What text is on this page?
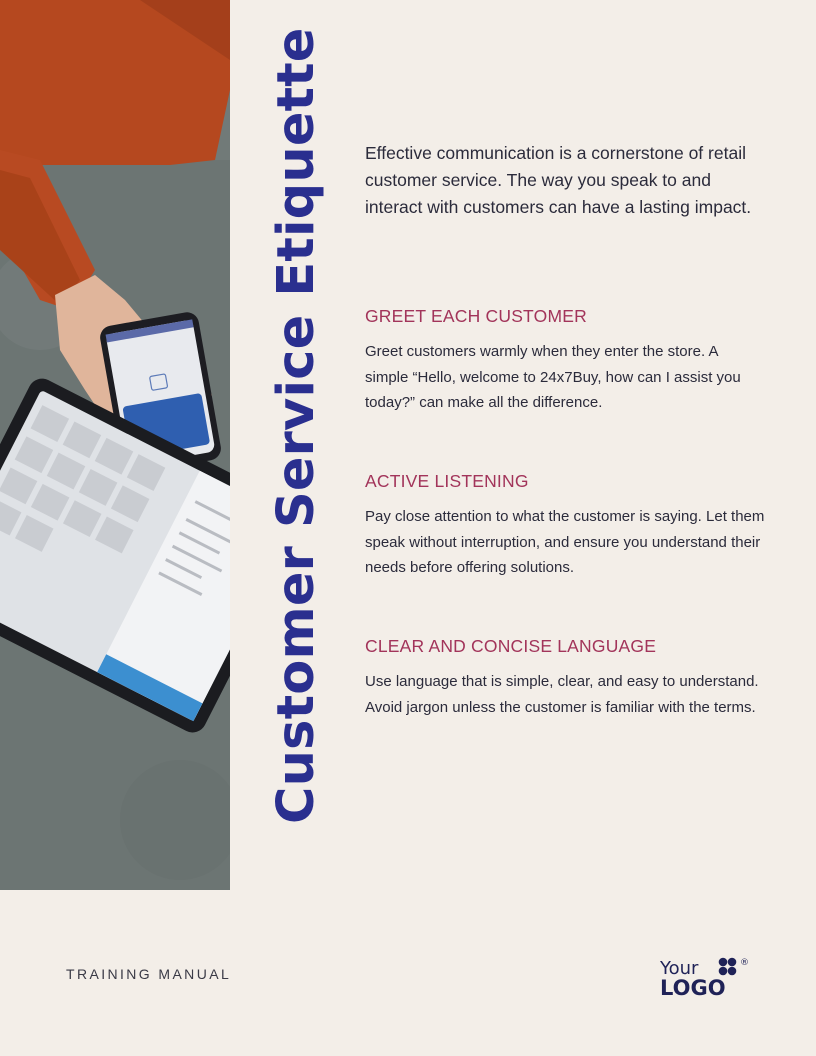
Customer Service Etiquette Effective communication is a cornerstone of retail customer service. The way you speak to and interact with customers can have a lasting impact.

GREET EACH CUSTOMER

Greet customers warmly when they enter the store. A simple “Hello, welcome to 24x7Buy, how can I assist you today?” can make all the difference.

ACTIVE LISTENING

Pay close attention to what the customer is saying. Let them speak without interruption, and ensure you understand their needs before offering solutions.

CLEAR AND CONCISE LANGUAGE

Use language that is simple, clear, and easy to understand. Avoid jargon unless the customer is familiar with the terms.

TRAINING MANUAL	Your
LOGO
®
